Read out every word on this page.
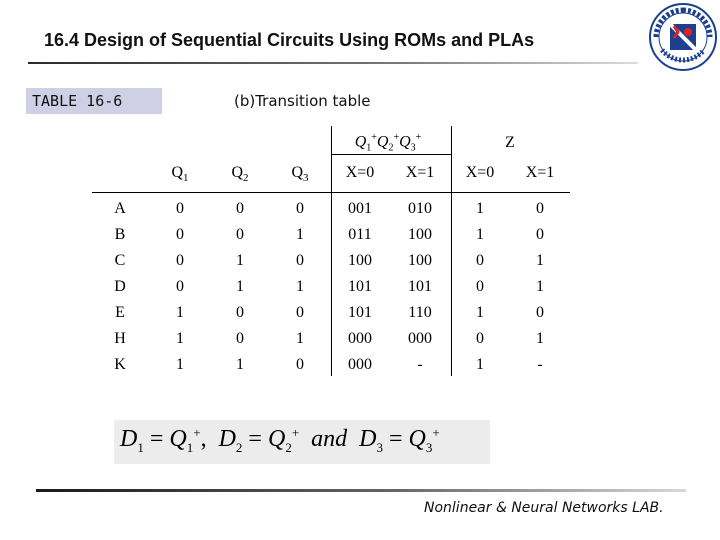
16.4 Design of Sequential Circuits Using ROMs and PLAs
TABLE 16-6	(b)Transition table
$Q_1^+Q_2^+Q_3^+$	Z
$Q_1$	$Q_2$	$Q_3$ X=0 X=1 X=0 X=1
A	0	0	0	001 010	1	0
B	0	0	1	011 100	1	0
C	0	1	0	100 100	0	1
D	0	1	1	101 101	0	1
E	1	0	0	101 110	1	0
H	1	0	1	000 000	0	1
K	1	1	0	000	-	1	-
$D_1 = Q_1^+$,  $D_2 = Q_2^+$ and $D_3 = Q_3^+$
Nonlinear & Neural Networks LAB.
